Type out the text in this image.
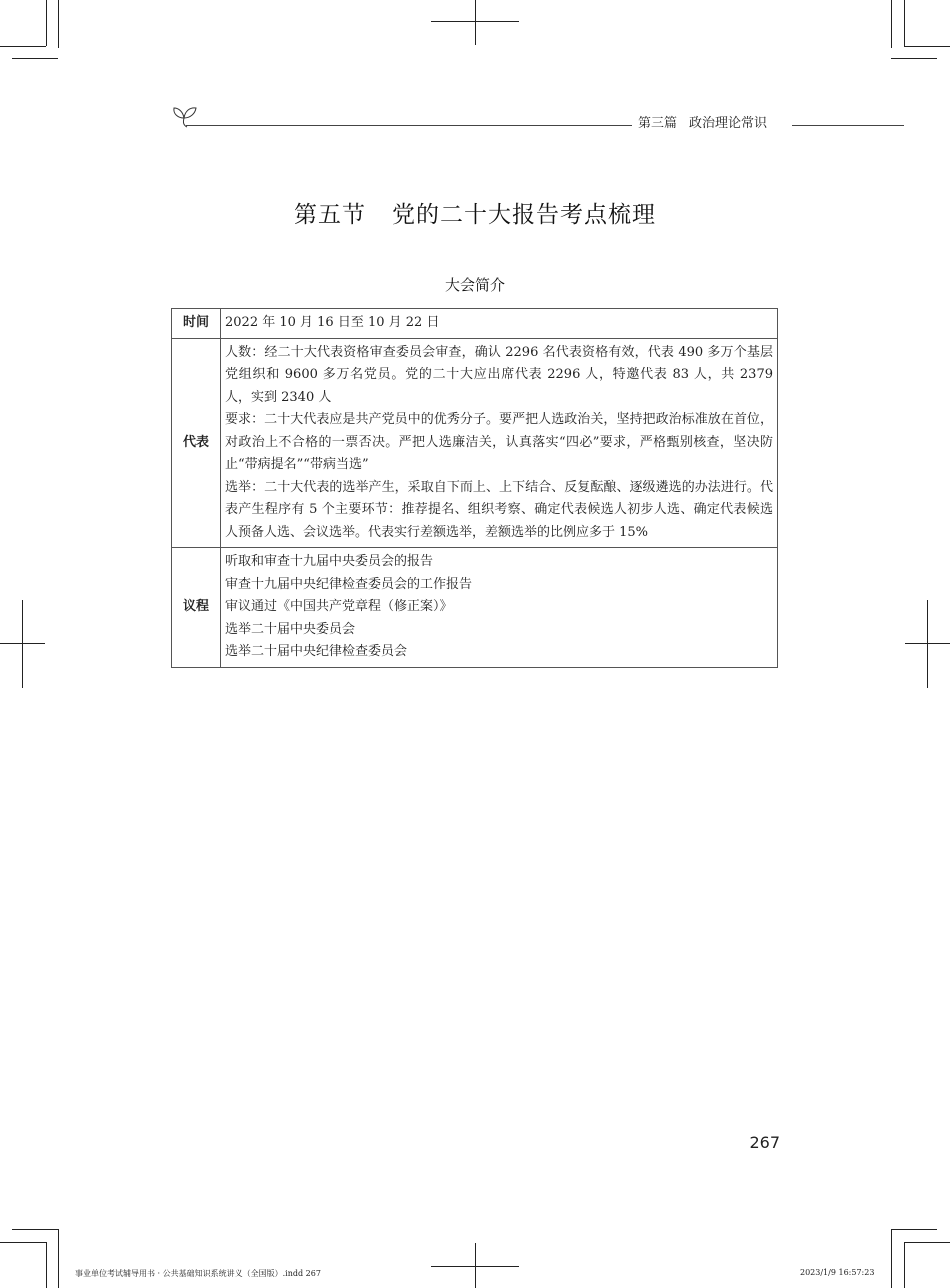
第三篇 政治理论常识
第五节 党的二十大报告考点梳理
大会简介
时间	2022 年 10 月 16 日至 10 月 22 日

代表	人数：经二十大代表资格审查委员会审查，确认 2296 名代表资格有效，代表 490 多万个基层党组织和 9600 多万名党员。党的二十大应出席代表 2296 人，特邀代表 83 人，共 2379 人，实到 2340 人
要求：二十大代表应是共产党员中的优秀分子。要严把人选政治关，坚持把政治标准放在首位，对政治上不合格的一票否决。严把人选廉洁关，认真落实“四必”要求，严格甄别核查，坚决防止“带病提名”“带病当选”
选举：二十大代表的选举产生，采取自下而上、上下结合、反复酝酿、逐级遴选的办法进行。代表产生程序有 5 个主要环节：推荐提名、组织考察、确定代表候选人初步人选、确定代表候选人预备人选、会议选举。代表实行差额选举，差额选举的比例应多于 15%

议程	听取和审查十九届中央委员会的报告
审查十九届中央纪律检查委员会的工作报告
审议通过《中国共产党章程（修正案）》
选举二十届中央委员会
选举二十届中央纪律检查委员会
267
事业单位考试辅导用书 · 公共基础知识系统讲义（全国版）.indd 267	2023/1/9 16:57:23
